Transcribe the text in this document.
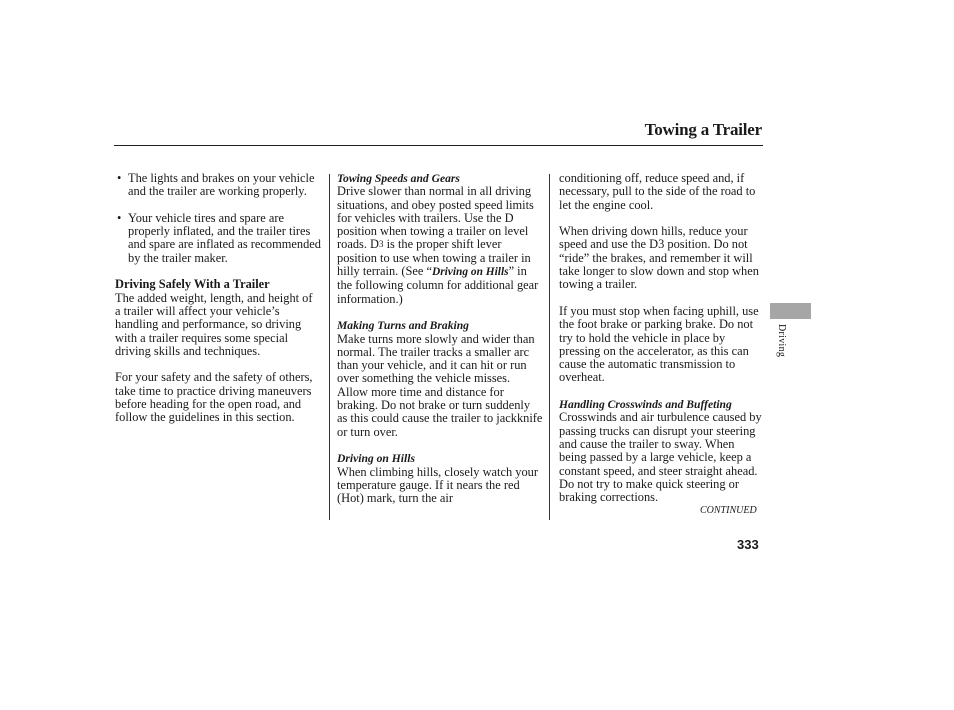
Towing a Trailer
• The lights and brakes on your vehicle and the trailer are working properly.
• Your vehicle tires and spare are properly inflated, and the trailer tires and spare are inflated as recommended by the trailer maker.
Driving Safely With a Trailer
The added weight, length, and height of a trailer will affect your vehicle’s handling and performance, so driving with a trailer requires some special driving skills and techniques.
For your safety and the safety of others, take time to practice driving maneuvers before heading for the open road, and follow the guidelines in this section.
Towing Speeds and Gears
Drive slower than normal in all driving situations, and obey posted speed limits for vehicles with trailers. Use the D position when towing a trailer on level roads. D3 is the proper shift lever position to use when towing a trailer in hilly terrain. (See “Driving on Hills” in the following column for additional gear information.)
Making Turns and Braking
Make turns more slowly and wider than normal. The trailer tracks a smaller arc than your vehicle, and it can hit or run over something the vehicle misses. Allow more time and distance for braking. Do not brake or turn suddenly as this could cause the trailer to jackknife or turn over.
Driving on Hills
When climbing hills, closely watch your temperature gauge. If it nears the red (Hot) mark, turn the air
conditioning off, reduce speed and, if necessary, pull to the side of the road to let the engine cool.
When driving down hills, reduce your speed and use the D3 position. Do not “ride” the brakes, and remember it will take longer to slow down and stop when towing a trailer.
If you must stop when facing uphill, use the foot brake or parking brake. Do not try to hold the vehicle in place by pressing on the accelerator, as this can cause the automatic transmission to overheat.
Handling Crosswinds and Buffeting
Crosswinds and air turbulence caused by passing trucks can disrupt your steering and cause the trailer to sway. When being passed by a large vehicle, keep a constant speed, and steer straight ahead. Do not try to make quick steering or braking corrections.
CONTINUED
333
Driving
